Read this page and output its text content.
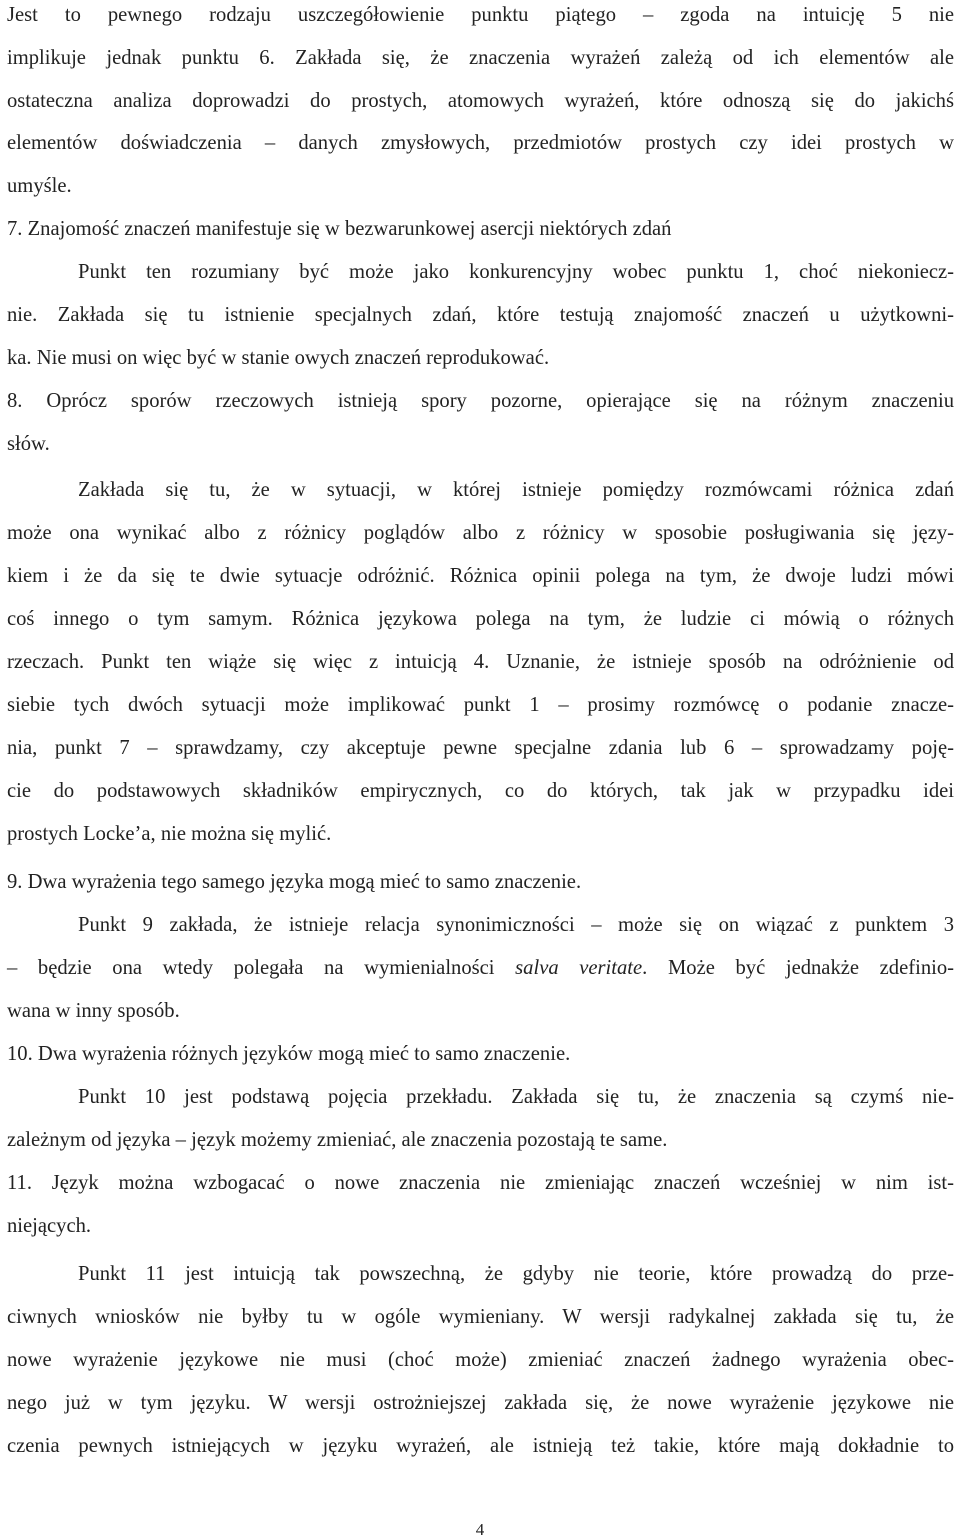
Jest to pewnego rodzaju uszczegółowienie punktu piątego – zgoda na intuicję 5 nie
implikuje jednak punktu 6. Zakłada się, że znaczenia wyrażeń zależą od ich elementów ale
ostateczna analiza doprowadzi do prostych, atomowych wyrażeń, które odnoszą się do jakichś
elementów doświadczenia – danych zmysłowych, przedmiotów prostych czy idei prostych w
umyśle.
7. Znajomość znaczeń manifestuje się w bezwarunkowej asercji niektórych zdań
Punkt ten rozumiany być może jako konkurencyjny wobec punktu 1, choć niekoniecz-
nie. Zakłada się tu istnienie specjalnych zdań, które testują znajomość znaczeń u użytkowni-
ka. Nie musi on więc być w stanie owych znaczeń reprodukować.
8. Oprócz sporów rzeczowych istnieją spory pozorne, opierające się na różnym znaczeniu
słów.
Zakłada się tu, że w sytuacji, w której istnieje pomiędzy rozmówcami różnica zdań
może ona wynikać albo z różnicy poglądów albo z różnicy w sposobie posługiwania się języ-
kiem i że da się te dwie sytuacje odróżnić. Różnica opinii polega na tym, że dwoje ludzi mówi
coś innego o tym samym. Różnica językowa polega na tym, że ludzie ci mówią o różnych
rzeczach. Punkt ten wiąże się więc z intuicją 4. Uznanie, że istnieje sposób na odróżnienie od
siebie tych dwóch sytuacji może implikować punkt 1 – prosimy rozmówcę o podanie znacze-
nia, punkt 7 – sprawdzamy, czy akceptuje pewne specjalne zdania lub 6 – sprowadzamy poję-
cie do podstawowych składników empirycznych, co do których, tak jak w przypadku idei
prostych Locke’a, nie można się mylić.
9. Dwa wyrażenia tego samego języka mogą mieć to samo znaczenie.
Punkt 9 zakłada, że istnieje relacja synonimiczności – może się on wiązać z punktem 3
– będzie ona wtedy polegała na wymienialności salva veritate. Może być jednakże zdefinio-
wana w inny sposób.
10. Dwa wyrażenia różnych języków mogą mieć to samo znaczenie.
Punkt 10 jest podstawą pojęcia przekładu. Zakłada się tu, że znaczenia są czymś nie-
zależnym od języka – język możemy zmieniać, ale znaczenia pozostają te same.
11. Język można wzbogacać o nowe znaczenia nie zmieniając znaczeń wcześniej w nim ist-
niejących.
Punkt 11 jest intuicją tak powszechną, że gdyby nie teorie, które prowadzą do prze-
ciwnych wniosków nie byłby tu w ogóle wymieniany. W wersji radykalnej zakłada się tu, że
nowe wyrażenie językowe nie musi (choć może) zmieniać znaczeń żadnego wyrażenia obec-
nego już w tym języku. W wersji ostrożniejszej zakłada się, że nowe wyrażenie językowe nie
czenia pewnych istniejących w języku wyrażeń, ale istnieją też takie, które mają dokładnie to
4
